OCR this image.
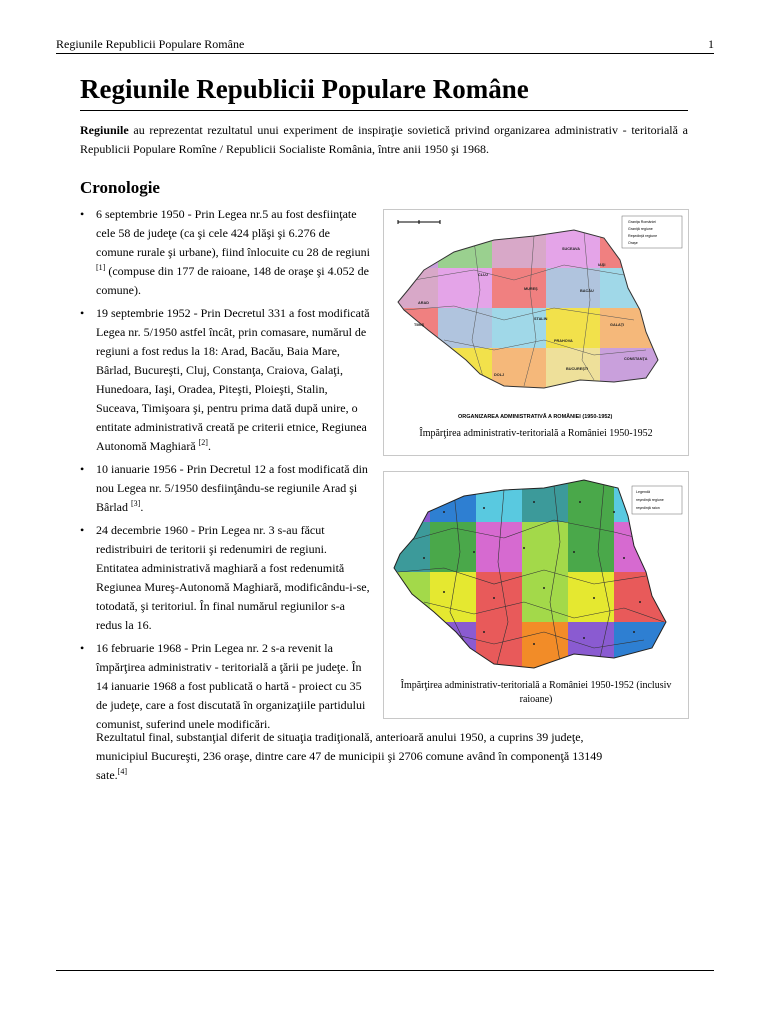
Regiunile Republicii Populare Române	1
Regiunile Republicii Populare Române

Regiunile au reprezentat rezultatul unui experiment de inspiraţie sovietică privind organizarea administrativ - teritorială a Republicii Populare Romîne / Republicii Socialiste România, între anii 1950 şi 1968.

Cronologie
• 6 septembrie 1950 - Prin Legea nr.5 au fost desfiinţate cele 58 de judeţe (ca şi cele 424 plăşi şi 6.276 de comune rurale şi urbane), fiind înlocuite cu 28 de regiuni [1] (compuse din 177 de raioane, 148 de oraşe şi 4.052 de comune).
• 19 septembrie 1952 - Prin Decretul 331 a fost modificată Legea nr. 5/1950 astfel încât, prin comasare, numărul de regiuni a fost redus la 18: Arad, Bacău, Baia Mare, Bârlad, Bucureşti, Cluj, Constanţa, Craiova, Galaţi, Hunedoara, Iaşi, Oradea, Piteşti, Ploieşti, Stalin, Suceava, Timişoara şi, pentru prima dată după unire, o entitate administrativă creată pe criterii etnice, Regiunea Autonomă Maghiară [2].
• 10 ianuarie 1956 - Prin Decretul 12 a fost modificată din nou Legea nr. 5/1950 desfiinţându-se regiunile Arad şi Bârlad [3].
• 24 decembrie 1960 - Prin Legea nr. 3 s-au făcut redistribuiri de teritorii şi redenumiri de regiuni. Entitatea administrativă maghiară a fost redenumită Regiunea Mureş-Autonomă Maghiară, modificându-i-se, totodată, şi teritoriul. În final numărul regiunilor s-a redus la 16.
• 16 februarie 1968 - Prin Legea nr. 2 s-a revenit la împărţirea administrativ - teritorială a ţării pe judeţe. În 14 ianuarie 1968 a fost publicată o hartă - proiect cu 35 de judeţe, care a fost discutată în organizaţiile partidului comunist, suferind unele modificări.

Rezultatul final, substanţial diferit de situaţia tradiţională, anterioară anului 1950, a cuprins 39 judeţe, municipiul Bucureşti, 236 oraşe, dintre care 47 de municipii şi 2706 comune având în componenţă 13149 sate.[4]

Graniţa României
Graniţă regiune
Reşedinţă regiune
Oraşe
SUCEAVA
IAŞI
BACĂU
CLUJ
MUREŞ
ARAD
STALIN
PRAHOVA
DOLJ
BUCUREŞTI
TIMIŞ	GALAŢI
CONSTANŢA
ORGANIZAREA ADMINISTRATIVĂ A ROMÂNIEI (1950-1952)
Împărţirea administrativ-teritorială a României 1950-1952
Legendă
reşedinţă regiune
reşedinţă raion
Împărţirea administrativ-teritorială a României 1950-1952 (inclusiv raioane)
